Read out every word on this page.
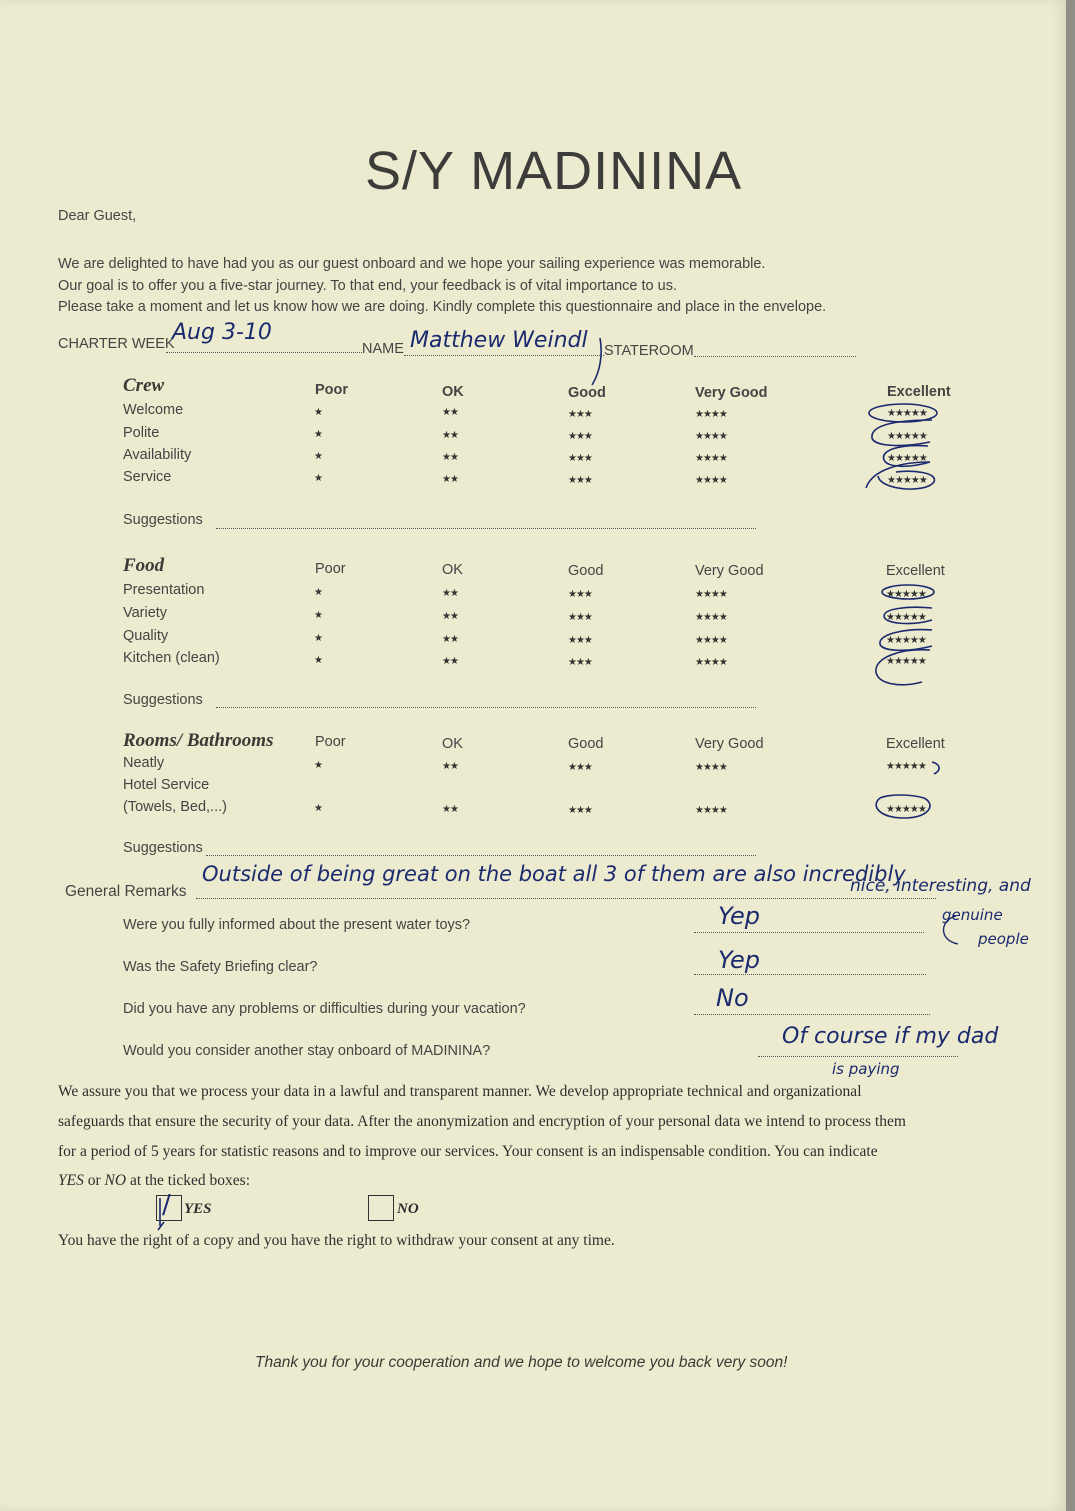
S/Y MADININA
Dear Guest,
We are delighted to have had you as our guest onboard and we hope your sailing experience was memorable.
Our goal is to offer you a five-star journey. To that end, your feedback is of vital importance to us.
Please take a moment and let us know how we are doing. Kindly complete this questionnaire and place in the envelope.
CHARTER WEEK
Aug 3-10
NAME Matthew Weindl STATEROOM
Crew	Poor	OK	Good	Very Good	Excellent
Welcome	★	★★	★★★	★★★★	★★★★★
Polite	★	★★	★★★	★★★★	★★★★★
Availability	★	★★	★★★	★★★★	★★★★★
Service	★	★★	★★★	★★★★	★★★★★
Suggestions
Food	Poor	OK	Good	Very Good	Excellent
Presentation	★	★★	★★★	★★★★	★★★★★
Variety	★	★★	★★★	★★★★	★★★★★
Quality	★	★★	★★★	★★★★	★★★★★
Kitchen (clean)	★	★★	★★★	★★★★	★★★★★
Suggestions
Rooms/ Bathrooms	Poor	OK	Good	Very Good	Excellent
Neatly	★	★★	★★★	★★★★	★★★★★
Hotel Service
(Towels, Bed,...)	★	★★	★★★	★★★★	★★★★★
Suggestions
General Remarks
Outside of being great on the boat all 3 of them are also incredibly
nice, interesting, and
genuine
people
Were you fully informed about the present water toys?	Yep
Was the Safety Briefing clear?	Yep
Did you have any problems or difficulties during your vacation?	No
Would you consider another stay onboard of MADININA?
Of course if my dad
is paying
We assure you that we process your data in a lawful and transparent manner. We develop appropriate technical and organizational
safeguards that ensure the security of your data. After the anonymization and encryption of your personal data we intend to process them
for a period of 5 years for statistic reasons and to improve our services. Your consent is an indispensable condition. You can indicate
YES or NO at the ticked boxes:
/ YES	NO
You have the right of a copy and you have the right to withdraw your consent at any time.
Thank you for your cooperation and we hope to welcome you back very soon!
